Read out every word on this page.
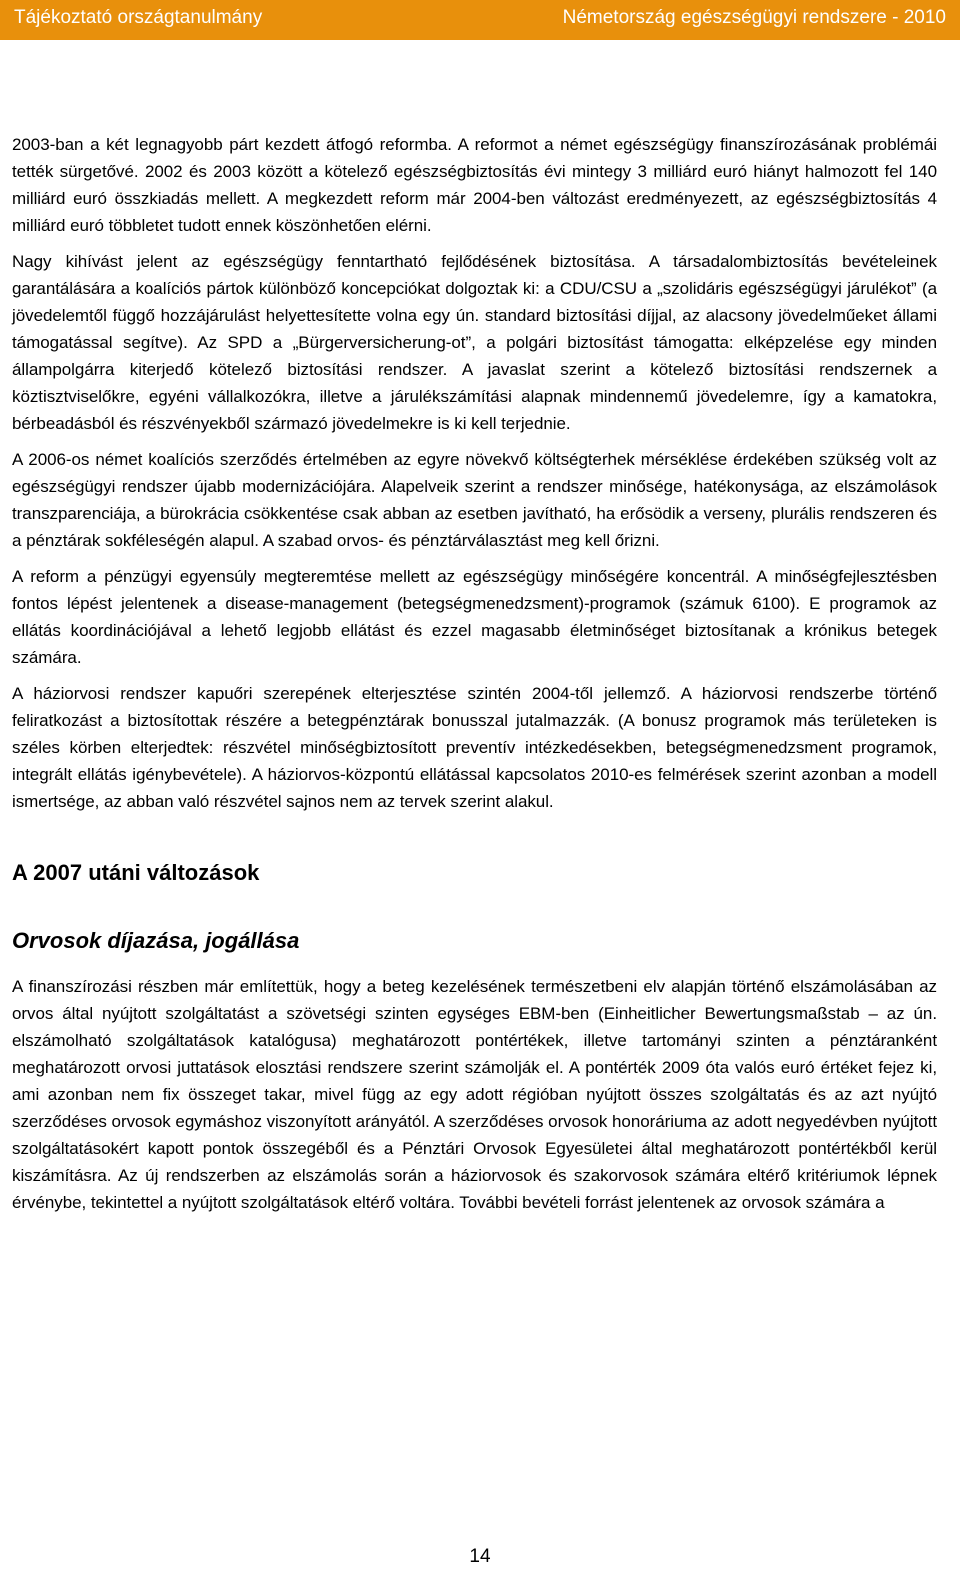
Tájékoztató országtanulmány	Németország egészségügyi rendszere - 2010

2003-ban a két legnagyobb párt kezdett átfogó reformba. A reformot a német egészségügy finanszírozásának problémái tették sürgetővé. 2002 és 2003 között a kötelező egészségbiztosítás évi mintegy 3 milliárd euró hiányt halmozott fel 140 milliárd euró összkiadás mellett. A megkezdett reform már 2004-ben változást eredményezett, az egészségbiztosítás 4 milliárd euró többletet tudott ennek köszönhetően elérni.

Nagy kihívást jelent az egészségügy fenntartható fejlődésének biztosítása. A társadalombiztosítás bevételeinek garantálására a koalíciós pártok különböző koncepciókat dolgoztak ki: a CDU/CSU a „szolidáris egészségügyi járulékot” (a jövedelemtől függő hozzájárulást helyettesítette volna egy ún. standard biztosítási díjjal, az alacsony jövedelműeket állami támogatással segítve). Az SPD a „Bürgerversicherung-ot”, a polgári biztosítást támogatta: elképzelése egy minden állampolgárra kiterjedő kötelező biztosítási rendszer. A javaslat szerint a kötelező biztosítási rendszernek a köztisztviselőkre, egyéni vállalkozókra, illetve a járulékszámítási alapnak mindennemű jövedelemre, így a kamatokra, bérbeadásból és részvényekből származó jövedelmekre is ki kell terjednie.

A 2006-os német koalíciós szerződés értelmében az egyre növekvő költségterhek mérséklése érdekében szükség volt az egészségügyi rendszer újabb modernizációjára. Alapelveik szerint a rendszer minősége, hatékonysága, az elszámolások transzparenciája, a bürokrácia csökkentése csak abban az esetben javítható, ha erősödik a verseny, plurális rendszeren és a pénztárak sokféleségén alapul. A szabad orvos- és pénztárválasztást meg kell őrizni.

A reform a pénzügyi egyensúly megteremtése mellett az egészségügy minőségére koncentrál. A minőségfejlesztésben fontos lépést jelentenek a disease-management (betegségmenedzsment)-programok (számuk 6100). E programok az ellátás koordinációjával a lehető legjobb ellátást és ezzel magasabb életminőséget biztosítanak a krónikus betegek számára.

A háziorvosi rendszer kapuőri szerepének elterjesztése szintén 2004-től jellemző. A háziorvosi rendszerbe történő feliratkozást a biztosítottak részére a betegpénztárak bonusszal jutalmazzák. (A bonusz programok más területeken is széles körben elterjedtek: részvétel minőségbiztosított preventív intézkedésekben, betegségmenedzsment programok, integrált ellátás igénybevétele). A háziorvos-központú ellátással kapcsolatos 2010-es felmérések szerint azonban a modell ismertsége, az abban való részvétel sajnos nem az tervek szerint alakul.

A 2007 utáni változások
Orvosok díjazása, jogállása

A finanszírozási részben már említettük, hogy a beteg kezelésének természetbeni elv alapján történő elszámolásában az orvos által nyújtott szolgáltatást a szövetségi szinten egységes EBM-ben (Einheitlicher Bewertungsmaßstab – az ún. elszámolható szolgáltatások katalógusa) meghatározott pontértékek, illetve tartományi szinten a pénztáranként meghatározott orvosi juttatások elosztási rendszere szerint számolják el. A pontérték 2009 óta valós euró értéket fejez ki, ami azonban nem fix összeget takar, mivel függ az egy adott régióban nyújtott összes szolgáltatás és az azt nyújtó szerződéses orvosok egymáshoz viszonyított arányától. A szerződéses orvosok honoráriuma az adott negyedévben nyújtott szolgáltatásokért kapott pontok összegéből és a Pénztári Orvosok Egyesületei által meghatározott pontértékből kerül kiszámításra. Az új rendszerben az elszámolás során a háziorvosok és szakorvosok számára eltérő kritériumok lépnek érvénybe, tekintettel a nyújtott szolgáltatások eltérő voltára. További bevételi forrást jelentenek az orvosok számára a

14
